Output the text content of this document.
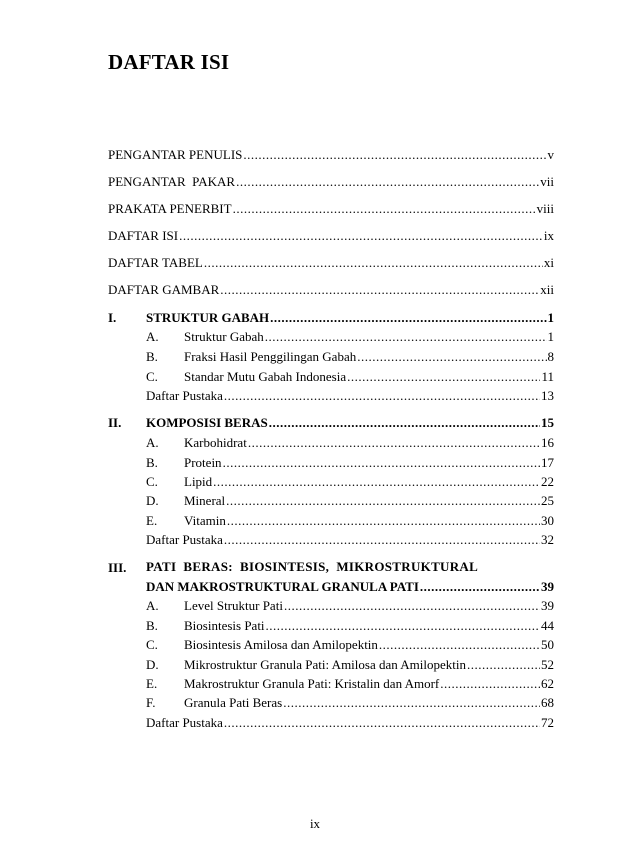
DAFTAR ISI
PENGANTAR PENULIS .....	v
PENGANTAR  PAKAR .....	vii
PRAKATA PENERBIT .....	viii
DAFTAR ISI .....	ix
DAFTAR TABEL .....	xi
DAFTAR GAMBAR .....	xii
I. STRUKTUR GABAH .....	1
A. Struktur Gabah .....	1
B. Fraksi Hasil Penggilingan Gabah .....	8
C. Standar Mutu Gabah Indonesia .....	11
Daftar Pustaka .....	13
II. KOMPOSISI BERAS .....	15
A. Karbohidrat .....	16
B. Protein .....	17
C. Lipid .....	22
D. Mineral .....	25
E. Vitamin .....	30
Daftar Pustaka .....	32
III. PATI  BERAS:  BIOSINTESIS,  MIKROSTRUKTURAL
DAN MAKROSTRUKTURAL GRANULA PATI .....	39
A. Level Struktur Pati .....	39
B. Biosintesis Pati .....	44
C. Biosintesis Amilosa dan Amilopektin .....	50
D. Mikrostruktur Granula Pati: Amilosa dan Amilopektin .....	52
E. Makrostruktur Granula Pati: Kristalin dan Amorf .....	62
F. Granula Pati Beras .....	68
Daftar Pustaka .....	72
ix
